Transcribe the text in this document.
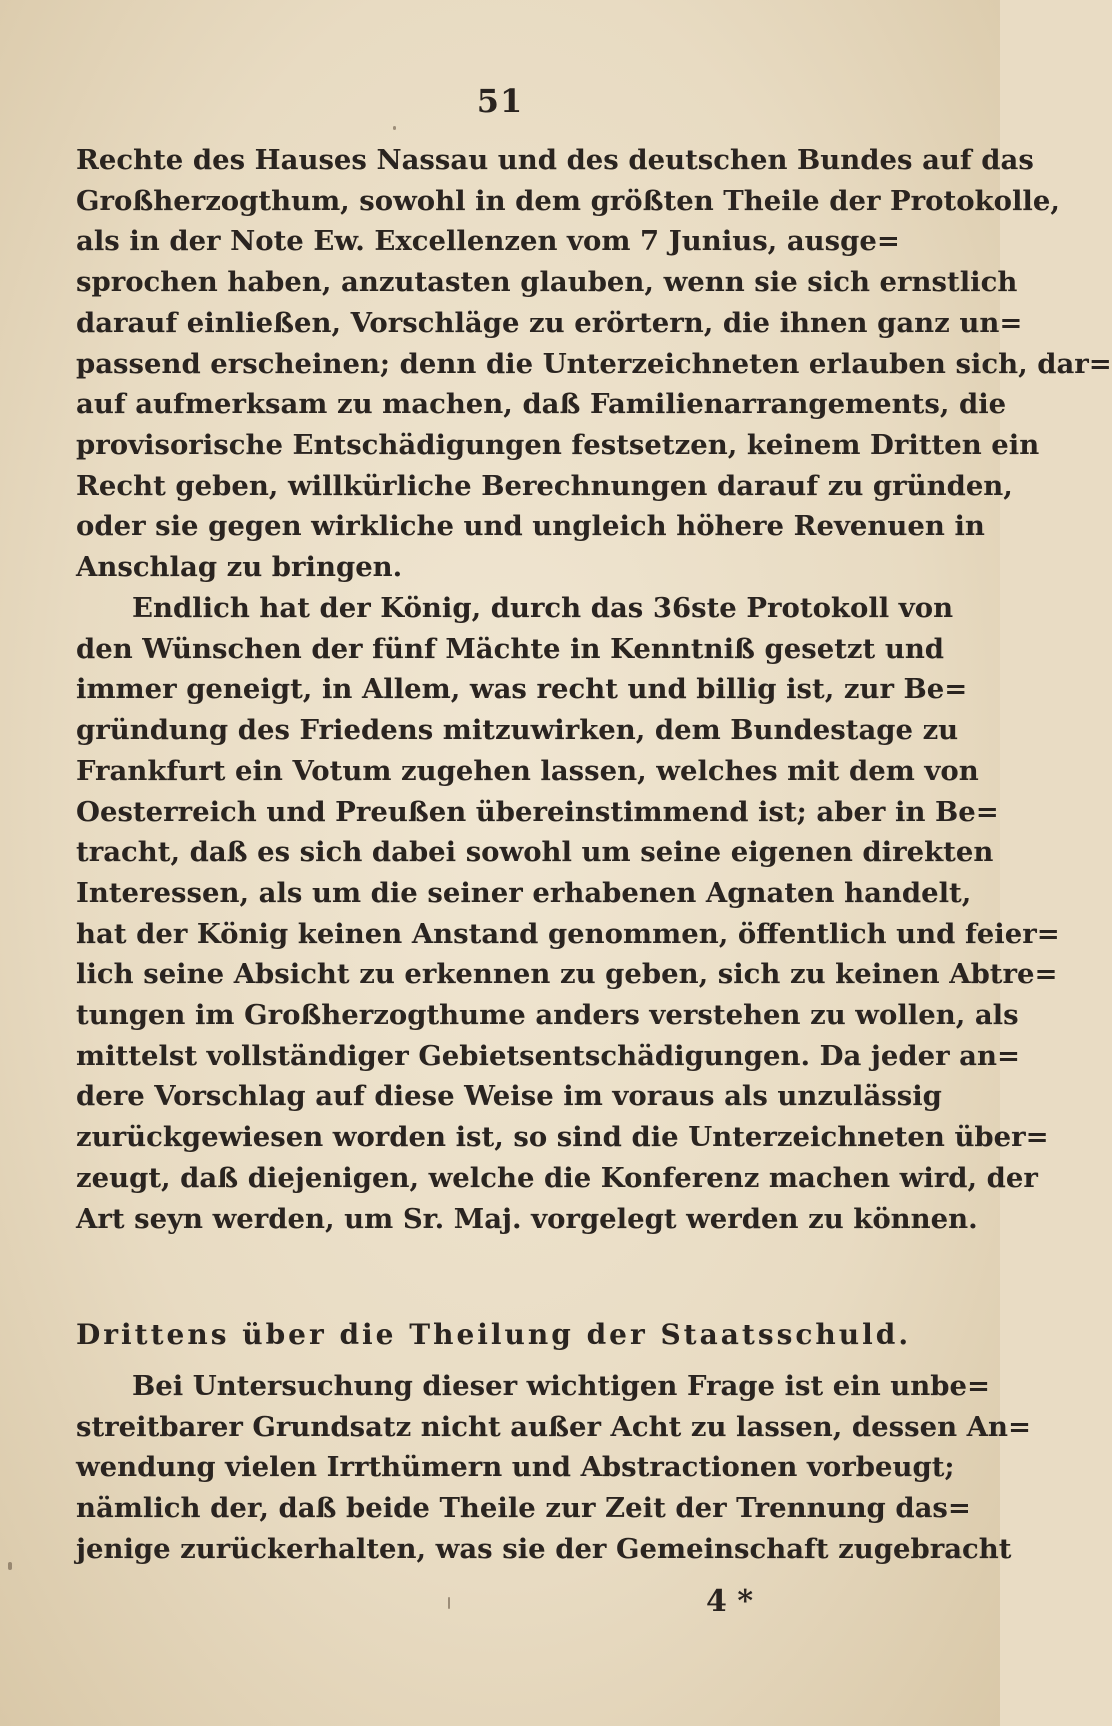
51
Rechte des Hauses Nassau und des deutschen Bundes auf das
Großherzogthum, sowohl in dem größten Theile der Protokolle,
als in der Note Ew. Excellenzen vom 7 Junius, ausge=
sprochen haben, anzutasten glauben, wenn sie sich ernstlich
darauf einließen, Vorschläge zu erörtern, die ihnen ganz un=
passend erscheinen; denn die Unterzeichneten erlauben sich, dar=
auf aufmerksam zu machen, daß Familienarrangements, die
provisorische Entschädigungen festsetzen, keinem Dritten ein
Recht geben, willkürliche Berechnungen darauf zu gründen,
oder sie gegen wirkliche und ungleich höhere Revenuen in
Anschlag zu bringen.
Endlich hat der König, durch das 36ste Protokoll von
den Wünschen der fünf Mächte in Kenntniß gesetzt und
immer geneigt, in Allem, was recht und billig ist, zur Be=
gründung des Friedens mitzuwirken, dem Bundestage zu
Frankfurt ein Votum zugehen lassen, welches mit dem von
Oesterreich und Preußen übereinstimmend ist; aber in Be=
tracht, daß es sich dabei sowohl um seine eigenen direkten
Interessen, als um die seiner erhabenen Agnaten handelt,
hat der König keinen Anstand genommen, öffentlich und feier=
lich seine Absicht zu erkennen zu geben, sich zu keinen Abtre=
tungen im Großherzogthume anders verstehen zu wollen, als
mittelst vollständiger Gebietsentschädigungen. Da jeder an=
dere Vorschlag auf diese Weise im voraus als unzulässig
zurückgewiesen worden ist, so sind die Unterzeichneten über=
zeugt, daß diejenigen, welche die Konferenz machen wird, der
Art seyn werden, um Sr. Maj. vorgelegt werden zu können.
Drittens über die Theilung der Staatsschuld.
Bei Untersuchung dieser wichtigen Frage ist ein unbe=
streitbarer Grundsatz nicht außer Acht zu lassen, dessen An=
wendung vielen Irrthümern und Abstractionen vorbeugt;
nämlich der, daß beide Theile zur Zeit der Trennung das=
jenige zurückerhalten, was sie der Gemeinschaft zugebracht
4 *
